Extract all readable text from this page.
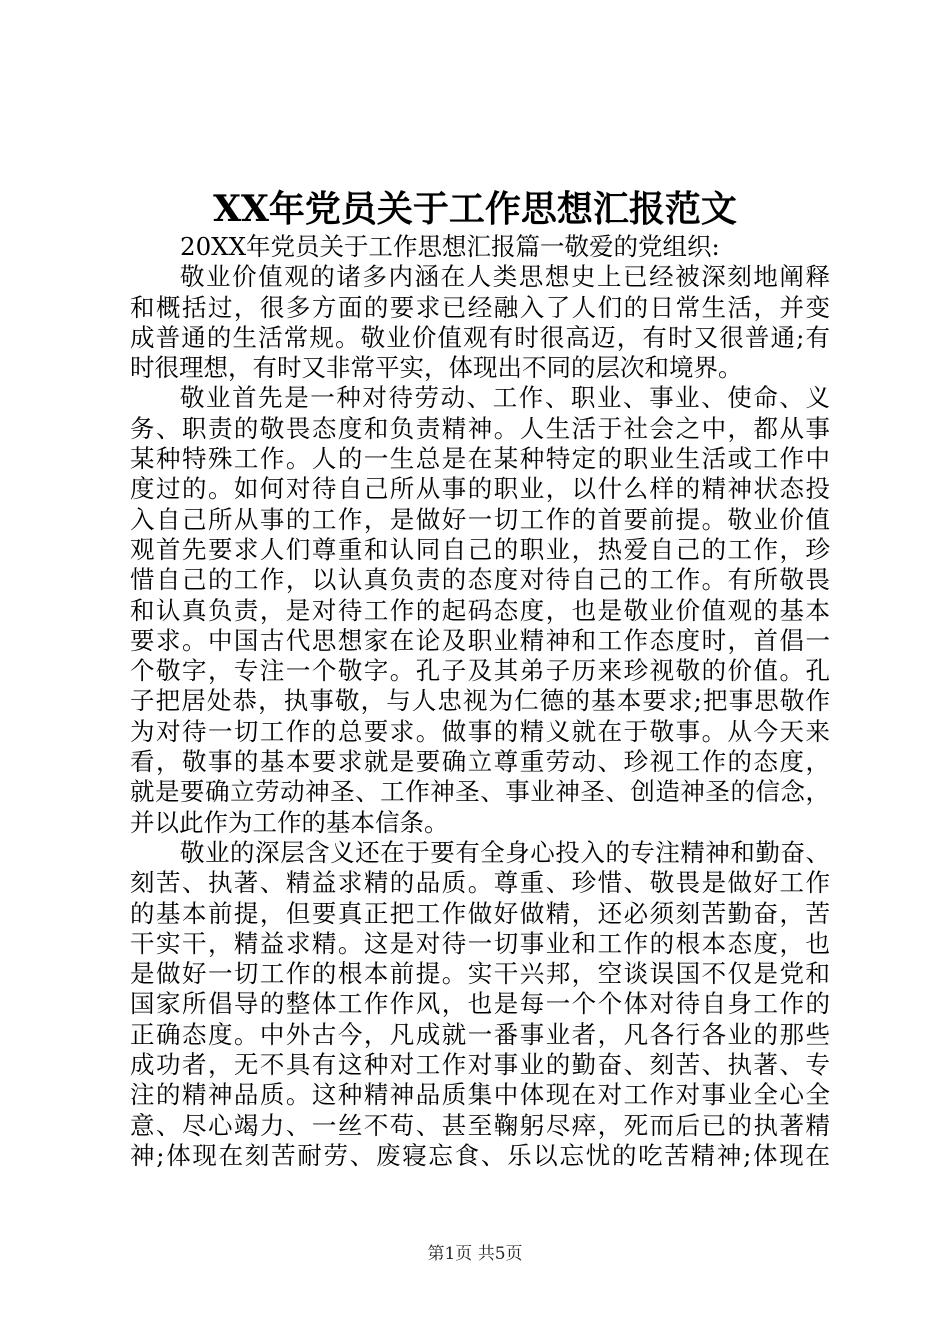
XX年党员关于工作思想汇报范文
20XX年党员关于工作思想汇报篇一敬爱的党组织:
敬业价值观的诸多内涵在人类思想史上已经被深刻地阐释
和概括过，很多方面的要求已经融入了人们的日常生活，并变
成普通的生活常规。敬业价值观有时很高迈，有时又很普通;有
时很理想，有时又非常平实，体现出不同的层次和境界。
敬业首先是一种对待劳动、工作、职业、事业、使命、义
务、职责的敬畏态度和负责精神。人生活于社会之中，都从事
某种特殊工作。人的一生总是在某种特定的职业生活或工作中
度过的。如何对待自己所从事的职业，以什么样的精神状态投
入自己所从事的工作，是做好一切工作的首要前提。敬业价值
观首先要求人们尊重和认同自己的职业，热爱自己的工作，珍
惜自己的工作，以认真负责的态度对待自己的工作。有所敬畏
和认真负责，是对待工作的起码态度，也是敬业价值观的基本
要求。中国古代思想家在论及职业精神和工作态度时，首倡一
个敬字，专注一个敬字。孔子及其弟子历来珍视敬的价值。孔
子把居处恭，执事敬，与人忠视为仁德的基本要求;把事思敬作
为对待一切工作的总要求。做事的精义就在于敬事。从今天来
看，敬事的基本要求就是要确立尊重劳动、珍视工作的态度，
就是要确立劳动神圣、工作神圣、事业神圣、创造神圣的信念，
并以此作为工作的基本信条。
敬业的深层含义还在于要有全身心投入的专注精神和勤奋、
刻苦、执著、精益求精的品质。尊重、珍惜、敬畏是做好工作
的基本前提，但要真正把工作做好做精，还必须刻苦勤奋，苦
干实干，精益求精。这是对待一切事业和工作的根本态度，也
是做好一切工作的根本前提。实干兴邦，空谈误国不仅是党和
国家所倡导的整体工作作风，也是每一个个体对待自身工作的
正确态度。中外古今，凡成就一番事业者，凡各行各业的那些
成功者，无不具有这种对工作对事业的勤奋、刻苦、执著、专
注的精神品质。这种精神品质集中体现在对工作对事业全心全
意、尽心竭力、一丝不苟、甚至鞠躬尽瘁，死而后已的执著精
神;体现在刻苦耐劳、废寝忘食、乐以忘忧的吃苦精神;体现在
第1页 共5页
